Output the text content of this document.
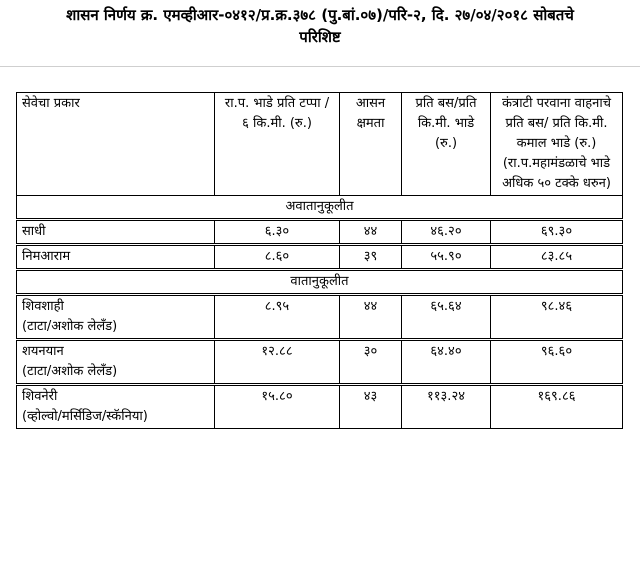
शासन निर्णय क्र. एमव्हीआर-०४१२/प्र.क्र.३७८ (पु.बां.०७)/परि-२, दि. २७/०४/२०१८ सोबतचे
परिशिष्ट
सेवेचा प्रकार	रा.प. भाडे प्रति टप्पा / ६ कि.मी. (रु.)	आसन क्षमता	प्रति बस/प्रति कि.मी. भाडे (रु.)	कंत्राटी परवाना वाहनाचे प्रति बस/ प्रति कि.मी. कमाल भाडे (रु.) (रा.प.महामंडळाचे भाडे अधिक ५० टक्के धरुन)
अवातानुकूलीत				
साधी	६.३०	४४	४६.२०	६९.३०
निमआराम	८.६०	३९	५५.९०	८३.८५
वातानुकूलीत				

शिवशाही
(टाटा/अशोक लेलँड)	८.९५	४४	६५.६४	९८.४६

शयनयान
(टाटा/अशोक लेलँड)	१२.८८	३०	६४.४०	९६.६०

शिवनेरी
(व्होल्वो/मर्सिडिज/स्कॅनिया)	१५.८०	४३	११३.२४	१६९.८६
